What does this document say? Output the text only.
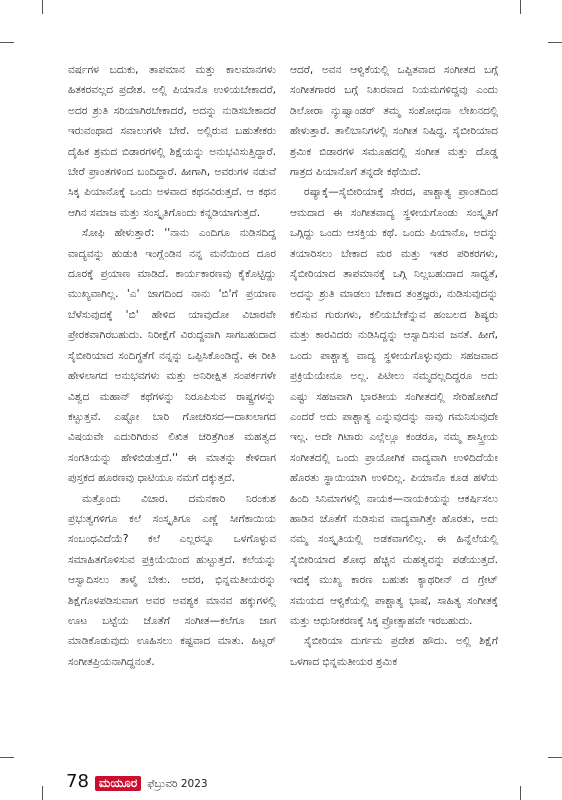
ವರ್ಷಗಳ ಬದುಕು, ತಾಪಮಾನ ಮತ್ತು ಕಾಲಮಾನಗಳು ಹಿತಕರವಲ್ಲದ ಪ್ರದೇಶ. ಅಲ್ಲಿ ಪಿಯಾನೊ ಉಳಿಯಬೇಕಾದರೆ, ಅದರ ಶ್ರುತಿ ಸರಿಯಾಗಿರಬೇಕಾದರೆ, ಅದನ್ನು ನುಡಿಸಬೇಕಾದರೆ ಇರುವಂಥಾದ ಸವಾಲುಗಳೇ ಬೇರೆ. ಅಲ್ಲಿರುವ ಬಹುತೇಕರು ದೈಹಿಕ ಶ್ರಮದ ಬಿಡಾರಗಳಲ್ಲಿ ಶಿಕ್ಷೆಯನ್ನು ಅನುಭವಿಸುತ್ತಿದ್ದಾರೆ. ಬೇರೆ ಪ್ರಾಂತಗಳಿಂದ ಬಂದಿದ್ದಾರೆ. ಹೀಗಾಗಿ, ಅವರುಗಳ ನಡುವೆ ಸಿಕ್ಕ ಪಿಯಾನೊಕ್ಕೆ ಒಂದು ಅಳವಾದ ಕಥನವಿರುತ್ತದೆ. ಆ ಕಥನ ಆಗಿನ ಸಮಾಜ ಮತ್ತು ಸಂಸ್ಕೃತಿಗೊಂದು ಕನ್ನಡಿಯಾಗುತ್ತದೆ.

ಸೋಫಿ ಹೇಳುತ್ತಾರೆ: ''ನಾನು ಎಂದಿಗೂ ನುಡಿಸದಿದ್ದ ವಾದ್ಯವನ್ನು ಹುಡುಕಿ ಇಂಗ್ಲೆಂಡಿನ ನನ್ನ ಮನೆಯಿಂದ ದೂರ ದೂರಕ್ಕೆ ಪ್ರಯಾಣ ಮಾಡಿದೆ. ಕಾರ್ಯಕಾರಣವು ಕೈಕೊಟ್ಟಿದ್ದು ಮುಖ್ಯವಾಗಿಲ್ಲ. 'ಎ' ಜಾಗದಿಂದ ನಾನು 'ಬಿ'ಗೆ ಪ್ರಯಾಣ ಬೆಳೆಸುವುದಕ್ಕೆ 'ಬಿ' ಹೇಳಿದ ಯಾವುದೋ ವಿಚಾರವೇ ಪ್ರೇರಕವಾಗಿರಬಹುದು. ನಿರೀಕ್ಷೆಗೆ ವಿರುದ್ಧವಾಗಿ ಸಾಗಬಹುದಾದ ಸೈಬೀರಿಯಾದ ಸಂದಿಗ್ಧತೆಗೆ ನನ್ನನ್ನು ಒಪ್ಪಿಸಿಕೊಂಡಿದ್ದೆ. ಈ ರೀತಿ ಹೇಳಲಾಗದ ಅನುಭವಗಳು ಮತ್ತು ಅನಿರೀಕ್ಷಿತ ಸಂಪರ್ಕಗಳೇ ವಿಶ್ವದ ಮಹಾನ್ ಕಥೆಗಳನ್ನು ನಿರೂಪಿಸುವ ರಾಷ್ಟ್ರಗಳನ್ನು ಕಟ್ಟುತ್ತವೆ. ಎಷ್ಟೋ ಬಾರಿ ಗೋಚರಿಸದ—ದಾಖಲಾಗದ ವಿಷಯವೇ ಎದುರಿಗಿರುವ ಲಿಖಿತ ಚರಿತ್ರೆಗಿಂತ ಮಹತ್ವದ ಸಂಗತಿಯನ್ನು ಹೇಳಿಬಿಡುತ್ತದೆ.'' ಈ ಮಾತನ್ನು ಕೇಳಿದಾಗ ಪುಸ್ತಕದ ಹೂರಣವು ಧಾಟಿಯೂ ನಮಗೆ ದಕ್ಕುತ್ತದೆ.

ಮತ್ತೊಂದು ವಿಚಾರ. ದಮನಕಾರಿ ನಿರಂಕುಶ ಪ್ರಭುತ್ವಗಳಿಗೂ ಕಲೆ ಸಂಸ್ಕೃತಿಗೂ ಎಣ್ಣೆ ಸೀಗೆಕಾಯಿಯ ಸಂಬಂಧವಿದೆಯೆ? ಕಲೆ ಎಲ್ಲರನ್ನೂ ಒಳಗೊಳ್ಳುವ ಸಮಾಹಿತಗೊಳಿಸುವ ಪ್ರಕ್ರಿಯೆಯಿಂದ ಹುಟ್ಟುತ್ತದೆ. ಕಲೆಯನ್ನು ಆಸ್ವಾದಿಸಲು ತಾಳ್ಮೆ ಬೇಕು. ಅದರ, ಭಿನ್ನಮತೀಯರನ್ನು ಶಿಕ್ಷೆಗೊಳಪಡಿಸುವಾಗ ಅವರ ಅವಶ್ಯಕ ಮಾನವ ಹಕ್ಕುಗಳಲ್ಲಿ ಊಟ ಬಟ್ಟೆಯ ಜೊತೆಗೆ ಸಂಗೀತ—ಕಲೆಗೂ ಜಾಗ ಮಾಡಿಕೊಡುವುದು ಊಹಿಸಲು ಕಷ್ಟವಾದ ಮಾತು. ಹಿಟ್ಲರ್ ಸಂಗೀತಪ್ರಿಯನಾಗಿದ್ದನಂತೆ.

ಆದರೆ, ಅವನ ಆಳ್ವಿಕೆಯಲ್ಲಿ ಒಪ್ಪಿತವಾದ ಸಂಗೀತದ ಬಗ್ಗೆ ಸಂಗೀತಗಾರರ ಬಗ್ಗೆ ನಿಖರವಾದ ನಿಯಮಗಳಿದ್ದವು ಎಂದು ಡಿಲೋರಾ ನ್ಯುಷ್ವಾಂಡರ್ ತಮ್ಮ ಸಂಶೋಧನಾ ಲೇಖನದಲ್ಲಿ ಹೇಳುತ್ತಾರೆ. ತಾಲಿಬಾನಿಗಳಲ್ಲಿ ಸಂಗೀತ ನಿಷಿದ್ಧ. ಸೈಬೀರಿಯಾದ ಶ್ರಮಿಕ ಬಿಡಾರಗಳ ಸಮೂಹದಲ್ಲಿ ಸಂಗೀತ ಮತ್ತು ದೊಡ್ಡ ಗಾತ್ರದ ಪಿಯಾನೊಗೆ ತನ್ನದೇ ಕಥೆಯಿದೆ.

ರಷ್ಯಾಕ್ಕೆ—ಸೈಬೀರಿಯಾಕ್ಕೆ ಸೇರದ, ಪಾಶ್ಚಾತ್ಯ ಪ್ರಾಂತದಿಂದ ಆಮದಾದ ಈ ಸಂಗೀತವಾದ್ಯ ಸ್ಥಳೀಯಗೊಂಡು ಸಂಸ್ಕೃತಿಗೆ ಒಗ್ಗಿದ್ದು ಒಂದು ಆಸಕ್ತಿಯ ಕಥೆ. ಒಂದು ಪಿಯಾನೊ, ಅದನ್ನು ತಯಾರಿಸಲು ಬೇಕಾದ ಮರ ಮತ್ತು ಇತರ ಪರಿಕರಗಳು, ಸೈಬೀರಿಯಾದ ತಾಪಮಾನಕ್ಕೆ ಒಗ್ಗಿ ನಿಲ್ಲಬಹುದಾದ ಸಾಧ್ಯತೆ, ಅದನ್ನು ಶ್ರುತಿ ಮಾಡಲು ಬೇಕಾದ ತಂತ್ರಜ್ಞರು, ನುಡಿಸುವುದನ್ನು ಕಲಿಸುವ ಗುರುಗಳು, ಕಲಿಯಬೇಕೆನ್ನುವ ಹಂಬಲದ ಶಿಷ್ಯರು ಮತ್ತು ಕಾರವಿದರು ನುಡಿಸಿದ್ದನ್ನು ಆಸ್ವಾದಿಸುವ ಜನತೆ. ಹೀಗೆ, ಒಂದು ಪಾಶ್ಚಾತ್ಯ ವಾದ್ಯ ಸ್ಥಳೀಯಗೊಳ್ಳುವುದು ಸಹಜವಾದ ಪ್ರಕ್ರಿಯೆಯೇನೂ ಅಲ್ಲ. ಪಿಟೀಲು ನಮ್ಮದಲ್ಲದಿದ್ದರೂ ಅದು ಎಷ್ಟು ಸಹಜವಾಗಿ ಭಾರತೀಯ ಸಂಗೀತದಲ್ಲಿ ಸೇರಿಹೋಗಿದೆ ಎಂದರೆ ಅದು ಪಾಶ್ಚಾತ್ಯ ಎನ್ನುವುದನ್ನು ನಾವು ಗಮನಿಸುವುದೇ ಇಲ್ಲ. ಅದೇ ಗಿಟಾರು ಎಲ್ಲೆಲ್ಲೂ ಕಂಡರೂ, ನಮ್ಮ ಶಾಸ್ತ್ರೀಯ ಸಂಗೀತದಲ್ಲಿ ಒಂದು ಪ್ರಾಯೋಗಿಕ ವಾದ್ಯವಾಗಿ ಉಳಿದಿದೆಯೇ ಹೊರತು ಸ್ಥಾಯಿಯಾಗಿ ಉಳಿದಿಲ್ಲ. ಪಿಯಾನೊ ಕೂಡ ಹಳೆಯ ಹಿಂದಿ ಸಿನಿಮಾಗಳಲ್ಲಿ ನಾಯಕ—ನಾಯಕಿಯನ್ನು ಆಕರ್ಷಿಸಲು ಹಾಡಿನ ಜೊತೆಗೆ ನುಡಿಸುವ ವಾದ್ಯವಾಗಿತ್ತೇ ಹೊರತು, ಅದು ನಮ್ಮ ಸಂಸ್ಕೃತಿಯಲ್ಲಿ ಅಡಕವಾಗಲಿಲ್ಲ. ಈ ಹಿನ್ನೆಲೆಯಲ್ಲಿ ಸೈಬೀರಿಯಾದ ಶೋಧ ಹೆಚ್ಚಿನ ಮಹತ್ವವನ್ನು ಪಡೆಯುತ್ತದೆ. ಇದಕ್ಕೆ ಮುಖ್ಯ ಕಾರಣ ಬಹುಶಃ ಕ್ಯಾಥರೀನ್ ದ ಗ್ರೇಟ್ ಸಮಯದ ಆಳ್ವಿಕೆಯಲ್ಲಿ ಪಾಶ್ಚಾತ್ಯ ಭಾಷೆ, ಸಾಹಿತ್ಯ ಸಂಗೀತಕ್ಕೆ ಮತ್ತು ಆಧುನೀಕರಣಕ್ಕೆ ಸಿಕ್ಕ ಪ್ರೋತ್ಸಾಹವೇ ಇರಬಹುದು.

ಸೈಬೀರಿಯಾ ದುರ್ಗಮ ಪ್ರದೇಶ ಹೌದು. ಅಲ್ಲಿ ಶಿಕ್ಷೆಗೆ ಒಳಗಾದ ಭಿನ್ನಮತೀಯರ ಶ್ರಮಿಕ

78 ಮಯೂರ ಫೆಬ್ರುವರಿ 2023
